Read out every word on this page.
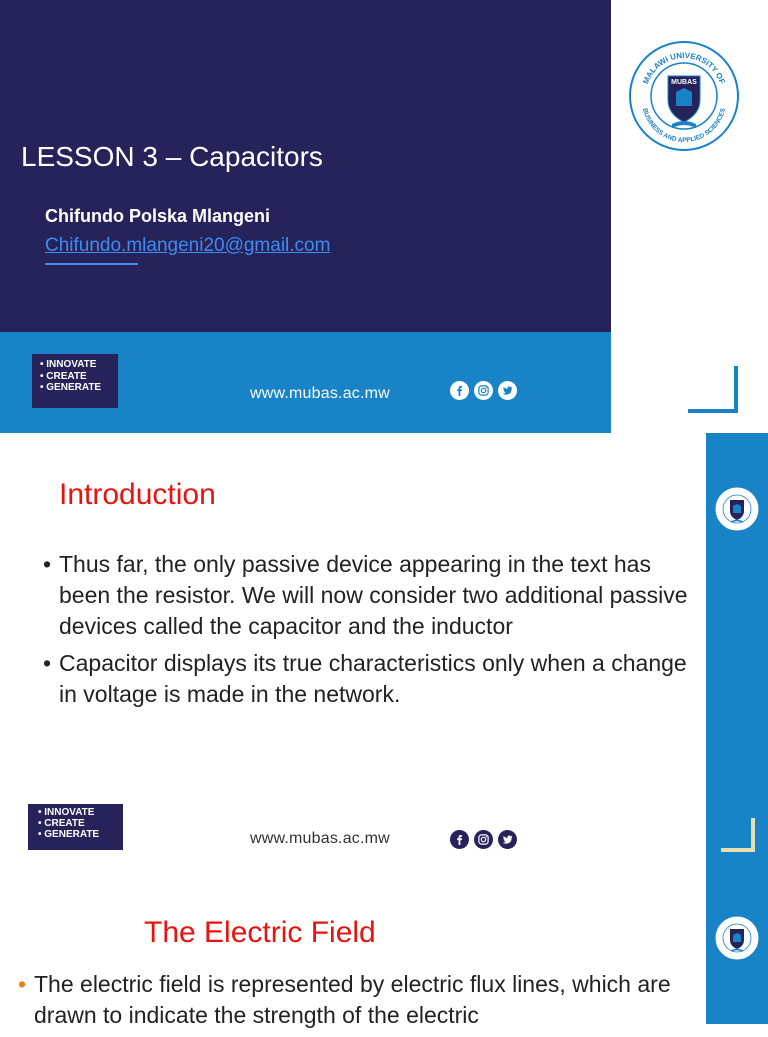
LESSON 3 – Capacitors
Chifundo Polska Mlangeni
Chifundo.mlangeni20@gmail.com
MALAWI UNIVERSITY OF
BUSINESS AND APPLIED SCIENCES
MUBAS
• INNOVATE
• CREATE
• GENERATE	www.mubas.ac.mw
Introduction
• Thus far, the only passive device appearing in the text has been the resistor. We will now consider two additional passive devices called the capacitor and the inductor
• Capacitor displays its true characteristics only when a change in voltage is made in the network.
• INNOVATE
• CREATE
• GENERATE	www.mubas.ac.mw
The Electric Field
• The electric field is represented by electric flux lines, which are drawn to indicate the strength of the electric
